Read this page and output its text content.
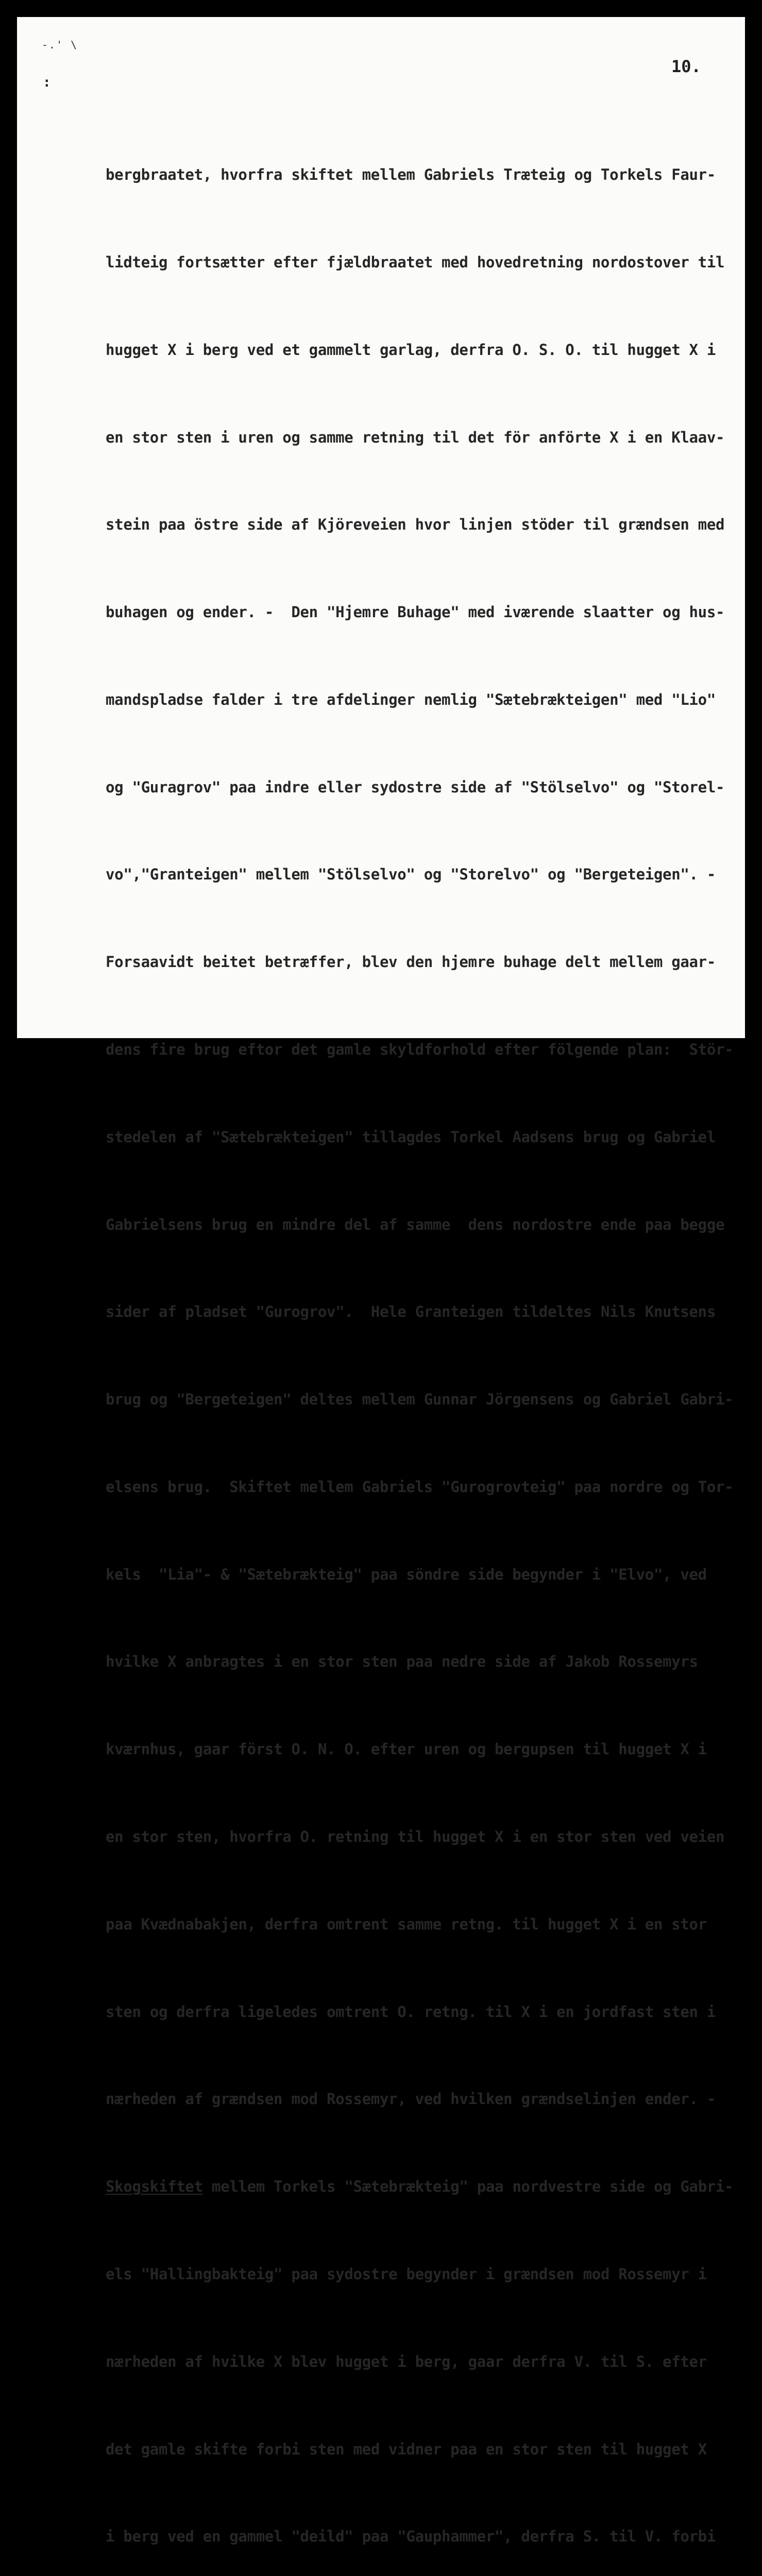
-.' \
:
10.

bergbraatet, hvorfra skiftet mellem Gabriels Træteig og Torkels Faur-

lidteig fortsætter efter fjældbraatet med hovedretning nordostover til

hugget X i berg ved et gammelt garlag, derfra O. S. O. til hugget X i

en stor sten i uren og samme retning til det för anförte X i en Klaav-

stein paa östre side af Kjöreveien hvor linjen stöder til grændsen med

buhagen og ender. -  Den "Hjemre Buhage" med iværende slaatter og hus-

mandspladse falder i tre afdelinger nemlig "Sætebrækteigen" med "Lio"

og "Guragrov" paa indre eller sydostre side af "Stölselvo" og "Storel-

vo","Granteigen" mellem "Stölselvo" og "Storelvo" og "Bergeteigen". -

Forsaavidt beitet betræffer, blev den hjemre buhage delt mellem gaar-

dens fire brug eftor det gamle skyldforhold efter fölgende plan:  Stör-

stedelen af "Sætebrækteigen" tillagdes Torkel Aadsens brug og Gabriel

Gabrielsens brug en mindre del af samme  dens nordostre ende paa begge

sider af pladset "Gurogrov".  Hele Granteigen tildeltes Nils Knutsens

brug og "Bergeteigen" deltes mellem Gunnar Jörgensens og Gabriel Gabri-

elsens brug.  Skiftet mellem Gabriels "Gurogrovteig" paa nordre og Tor-

kels  "Lia"- & "Sætebrækteig" paa söndre side begynder i "Elvo", ved

hvilke X anbragtes i en stor sten paa nedre side af Jakob Rossemyrs

kværnhus, gaar först O. N. O. efter uren og bergupsen til hugget X i

en stor sten, hvorfra O. retning til hugget X i en stor sten ved veien

paa Kvædnabakjen, derfra omtrent samme retng. til hugget X i en stor

sten og derfra ligeledes omtrent O. retng. til X i en jordfast sten i

nærheden af grændsen mod Rossemyr, ved hvilken grændselinjen ender. -

Skogskiftet mellem Torkels "Sætebrækteig" paa nordvestre side og Gabri-

els "Hallingbakteig" paa sydostre begynder i grændsen mod Rossemyr i

nærheden af hvilke X blev hugget i berg, gaar derfra V. til S. efter

det gamle skifte forbi sten med vidner paa en stor sten til hugget X

i berg ved en gammel "deild" paa "Gauphammer", derfra S. til V. forbi
